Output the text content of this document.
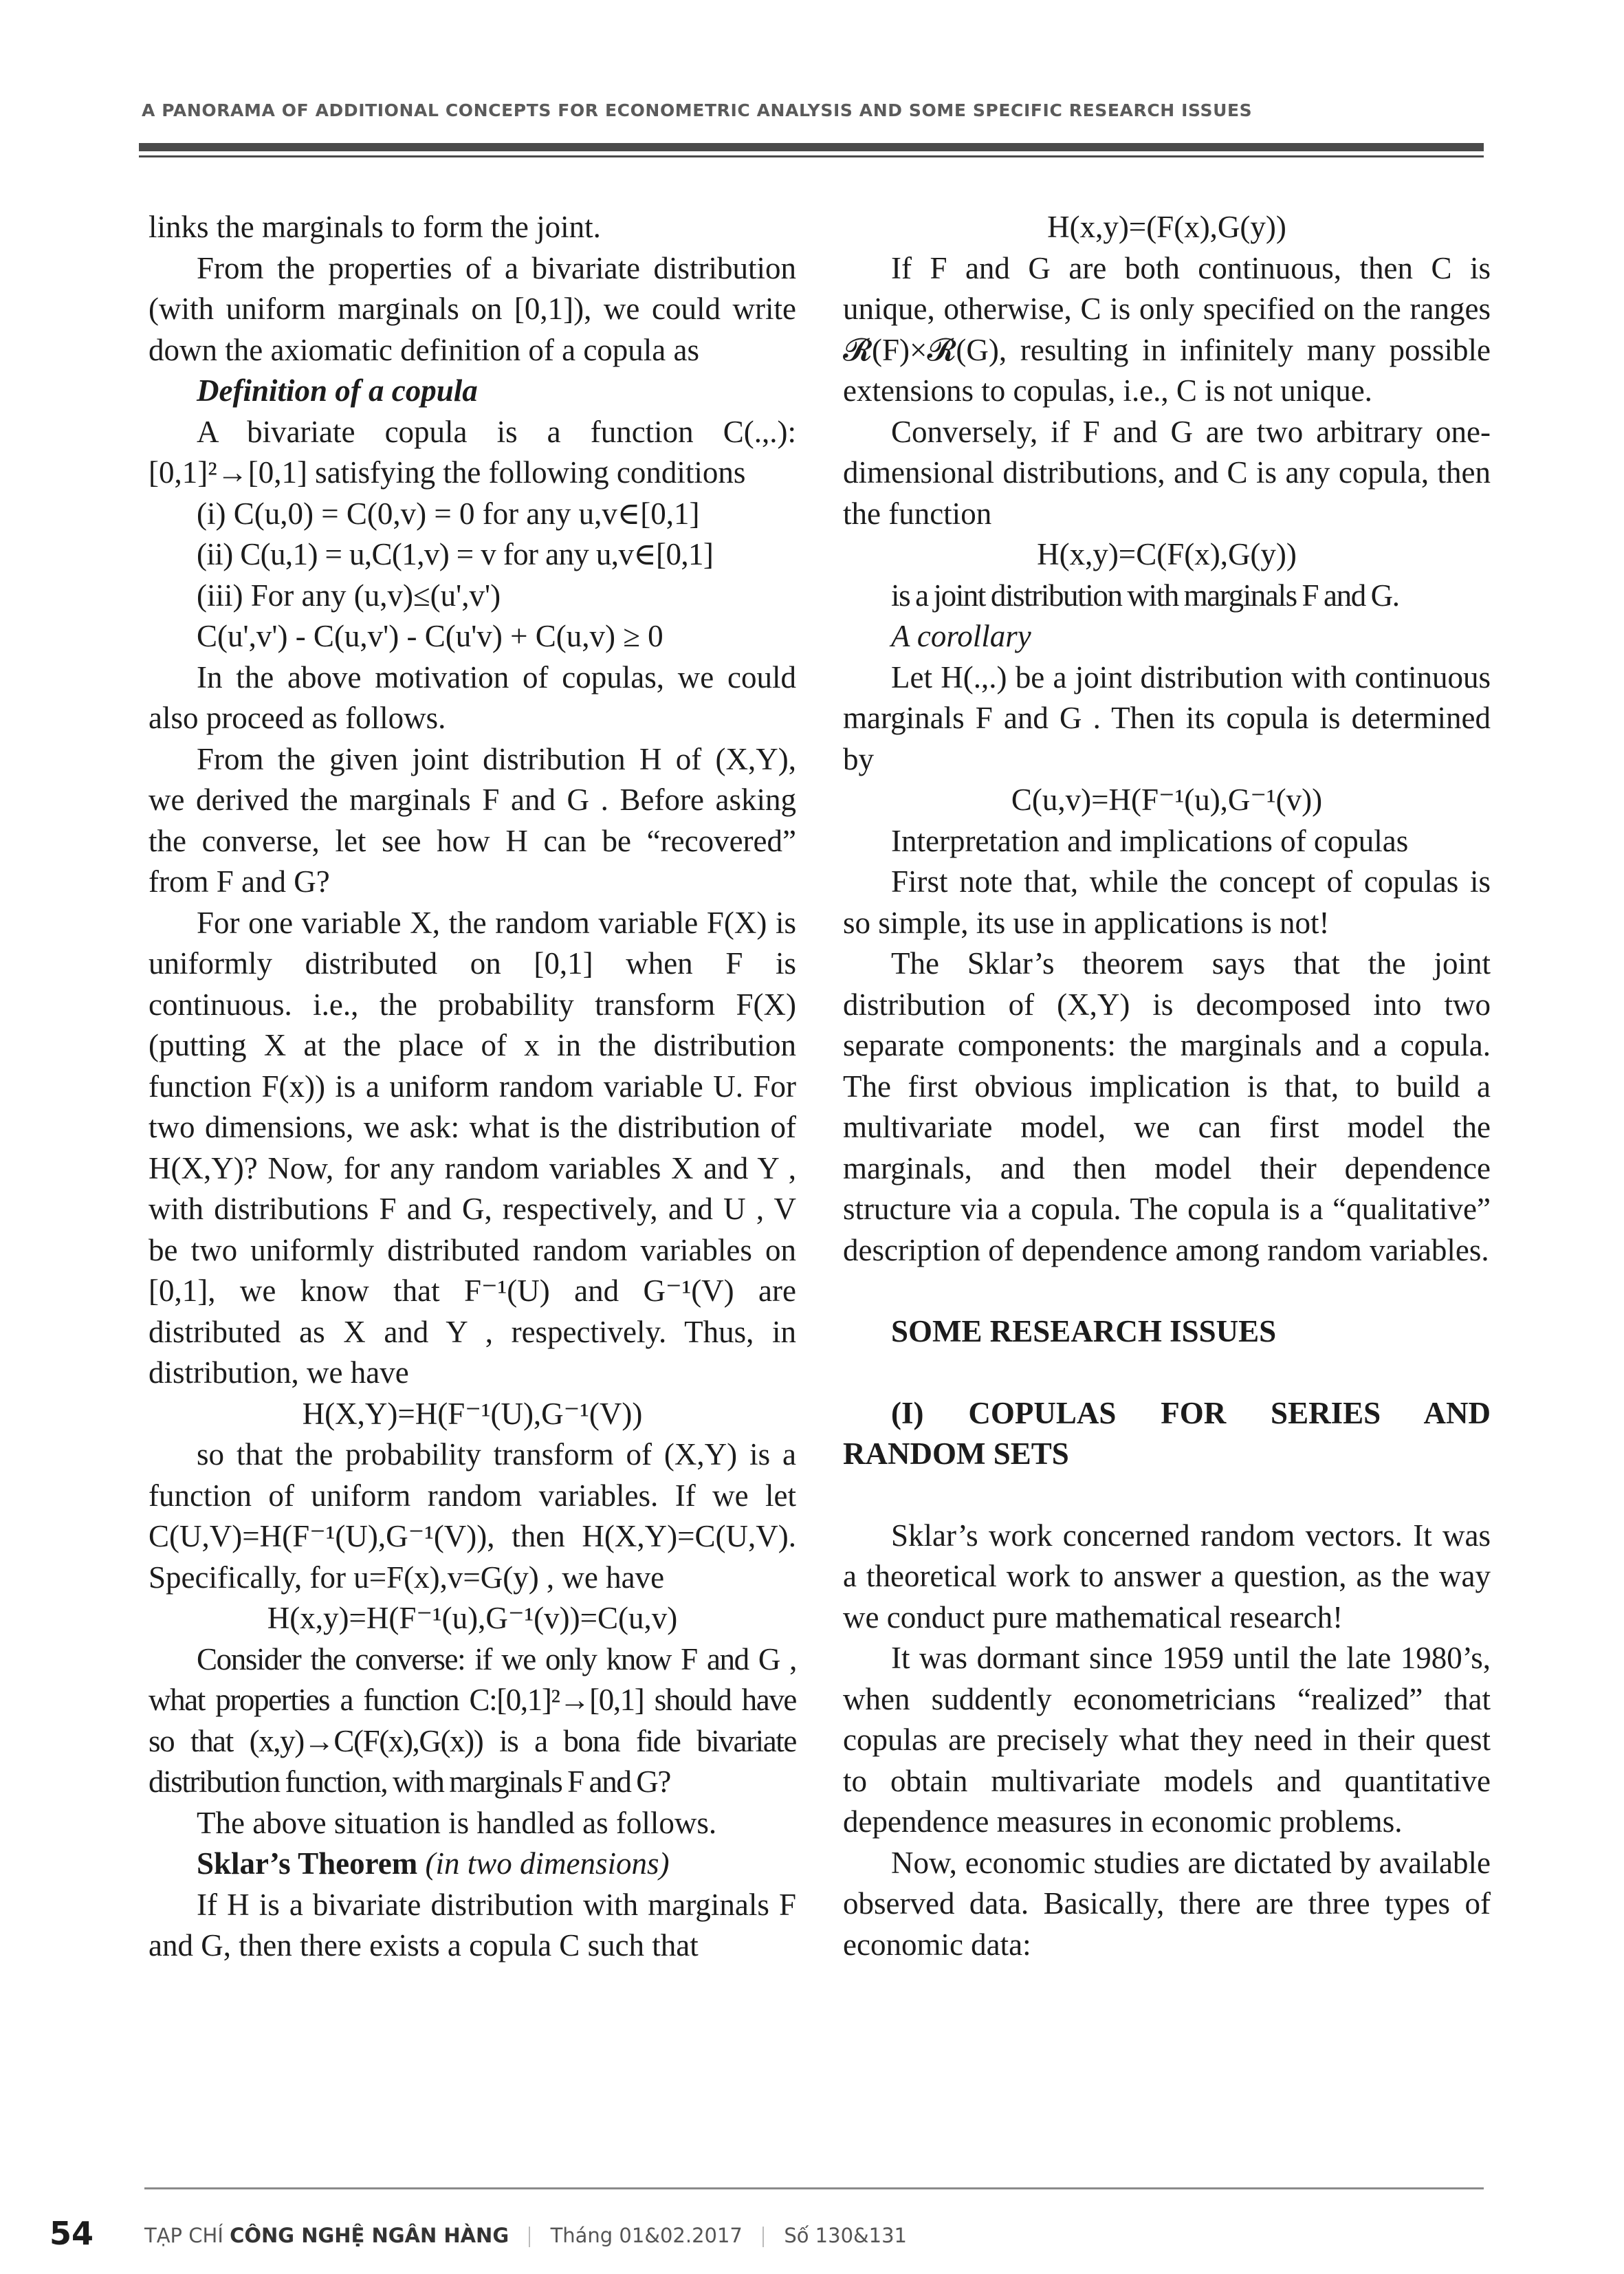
A PANORAMA OF ADDITIONAL CONCEPTS FOR ECONOMETRIC ANALYSIS AND SOME SPECIFIC RESEARCH ISSUES

links the marginals to form the joint.

From the properties of a bivariate distribution (with uniform marginals on [0,1]), we could write down the axiomatic definition of a copula as

Definition of a copula

A bivariate copula is a function C(.,.): [0,1]²→[0,1] satisfying the following conditions

(i) C(u,0) = C(0,v) = 0 for any u,v∈[0,1]

(ii) C(u,1) = u,C(1,v) = v for any u,v∈[0,1]

(iii) For any (u,v)≤(u',v')

C(u',v') - C(u,v') - C(u'v) + C(u,v) ≥ 0

In the above motivation of copulas, we could also proceed as follows.

From the given joint distribution H of (X,Y), we derived the marginals F and G . Before asking the converse, let see how H can be “recovered” from F and G?

For one variable X, the random variable F(X) is uniformly distributed on [0,1] when F is continuous. i.e., the probability transform F(X) (putting X at the place of x in the distribution function F(x)) is a uniform random variable U. For two dimensions, we ask: what is the distribution of H(X,Y)? Now, for any random variables X and Y , with distributions F and G, respectively, and U , V be two uniformly distributed random variables on [0,1], we know that F⁻¹(U) and G⁻¹(V) are distributed as X and Y , respectively. Thus, in distribution, we have

H(X,Y)=H(F⁻¹(U),G⁻¹(V))

so that the probability transform of (X,Y) is a function of uniform random variables. If we let C(U,V)=H(F⁻¹(U),G⁻¹(V)), then H(X,Y)=C(U,V). Specifically, for u=F(x),v=G(y) , we have

H(x,y)=H(F⁻¹(u),G⁻¹(v))=C(u,v)

Consider the converse: if we only know F and G , what properties a function C:[0,1]²→[0,1] should have so that (x,y)→C(F(x),G(x)) is a bona fide bivariate distribution function, with marginals F and G?

The above situation is handled as follows.

Sklar’s Theorem (in two dimensions)

If H is a bivariate distribution with marginals F and G, then there exists a copula C such that

H(x,y)=(F(x),G(y))

If F and G are both continuous, then C is unique, otherwise, C is only specified on the ranges 𝓡(F)×𝓡(G), resulting in infinitely many possible extensions to copulas, i.e., C is not unique.

Conversely, if F and G are two arbitrary one-dimensional distributions, and C is any copula, then the function

H(x,y)=C(F(x),G(y))

is a joint distribution with marginals F and G.

A corollary

Let H(.,.) be a joint distribution with continuous marginals F and G . Then its copula is determined by

C(u,v)=H(F⁻¹(u),G⁻¹(v))

Interpretation and implications of copulas

First note that, while the concept of copulas is so simple, its use in applications is not!

The Sklar’s theorem says that the joint distribution of (X,Y) is decomposed into two separate components: the marginals and a copula. The first obvious implication is that, to build a multivariate model, we can first model the marginals, and then model their dependence structure via a copula. The copula is a “qualitative” description of dependence among random variables.

SOME RESEARCH ISSUES

(I) COPULAS FOR SERIES AND

RANDOM SETS

Sklar’s work concerned random vectors. It was a theoretical work to answer a question, as the way we conduct pure mathematical research!

It was dormant since 1959 until the late 1980’s, when suddently econometricians “realized” that copulas are precisely what they need in their quest to obtain multivariate models and quantitative dependence measures in economic problems.

Now, economic studies are dictated by available observed data. Basically, there are three types of economic data:

54	TẠP CHÍ CÔNG NGHỆ NGÂN HÀNG Tháng 01&02.2017 Số 130&131
